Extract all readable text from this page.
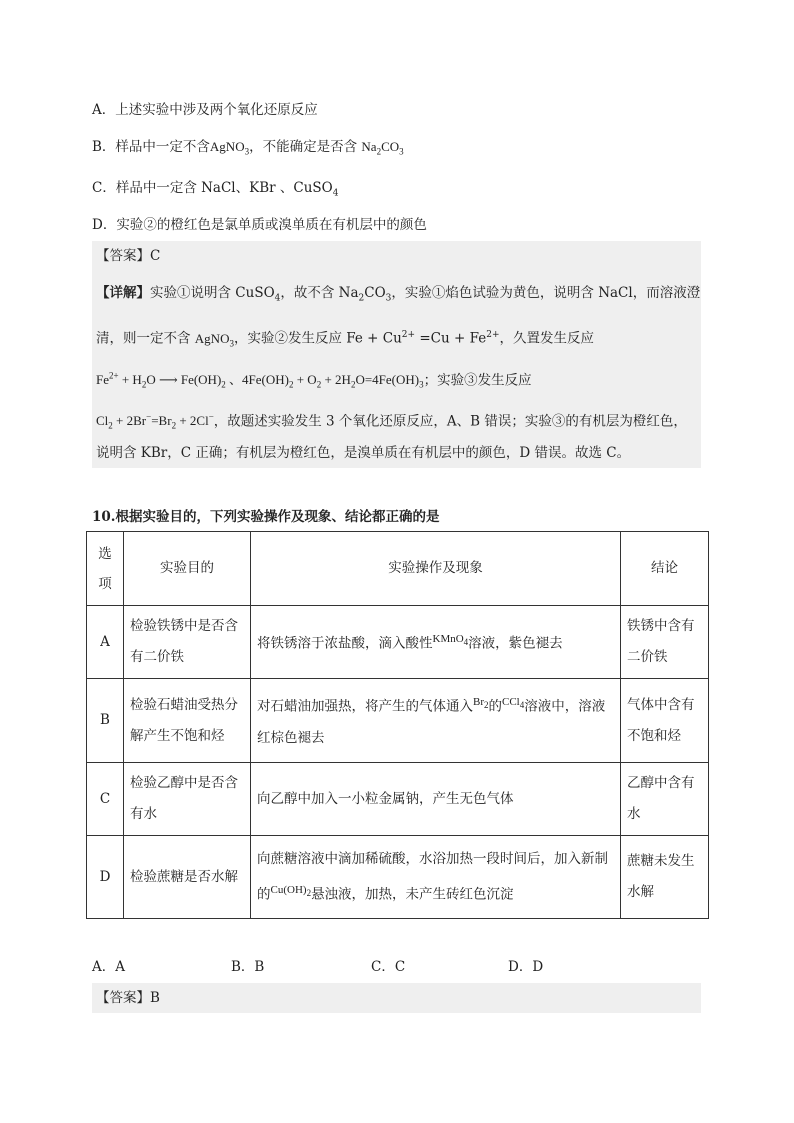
A．上述实验中涉及两个氧化还原反应
B．样品中一定不含AgNO$_3$，不能确定是否含 $Na_2CO_3$
C．样品中一定含 NaCl、KBr 、CuSO$_4$
D．实验②的橙红色是氯单质或溴单质在有机层中的颜色
【答案】C
【详解】实验①说明含 CuSO$_4$，故不含 $Na_2CO_3$，实验①焰色试验为黄色，说明含 NaCl，而溶液澄
清，则一定不含 AgNO$_3$，实验②发生反应 $Fe + Cu^{2+} =Cu + Fe^{2+}$，久置发生反应
$Fe^{2+} + H_2O$ ⟶ $Fe(OH)_2$ 、$4Fe(OH)_2 + O_2 + 2H_2O=4Fe(OH)_3$；实验③发生反应
$Cl_2 + 2Br^-=Br_2 + 2Cl^-$，故题述实验发生 3 个氧化还原反应，A、B 错误；实验③的有机层为橙红色，
说明含 KBr，C 正确；有机层为橙红色，是溴单质在有机层中的颜色，D 错误。故选 C。
10.根据实验目的，下列实验操作及现象、结论都正确的是
选项	实验目的	实验操作及现象	结论
A	检验铁锈中是否含有二价铁	将铁锈溶于浓盐酸，滴入酸性$^{KMnO_4}$溶液，紫色褪去	铁锈中含有二价铁
B	检验石蜡油受热分解产生不饱和烃	对石蜡油加强热，将产生的气体通入$^{Br_2}$的$^{CCl_4}$溶液中，溶液红棕色褪去	气体中含有不饱和烃
C	检验乙醇中是否含有水	向乙醇中加入一小粒金属钠，产生无色气体	乙醇中含有水
D	检验蔗糖是否水解	向蔗糖溶液中滴加稀硫酸，水浴加热一段时间后，加入新制的$^{Cu(OH)_2}$悬浊液，加热，未产生砖红色沉淀	蔗糖未发生水解
A．A	B．B	C．C	D．D
【答案】B
